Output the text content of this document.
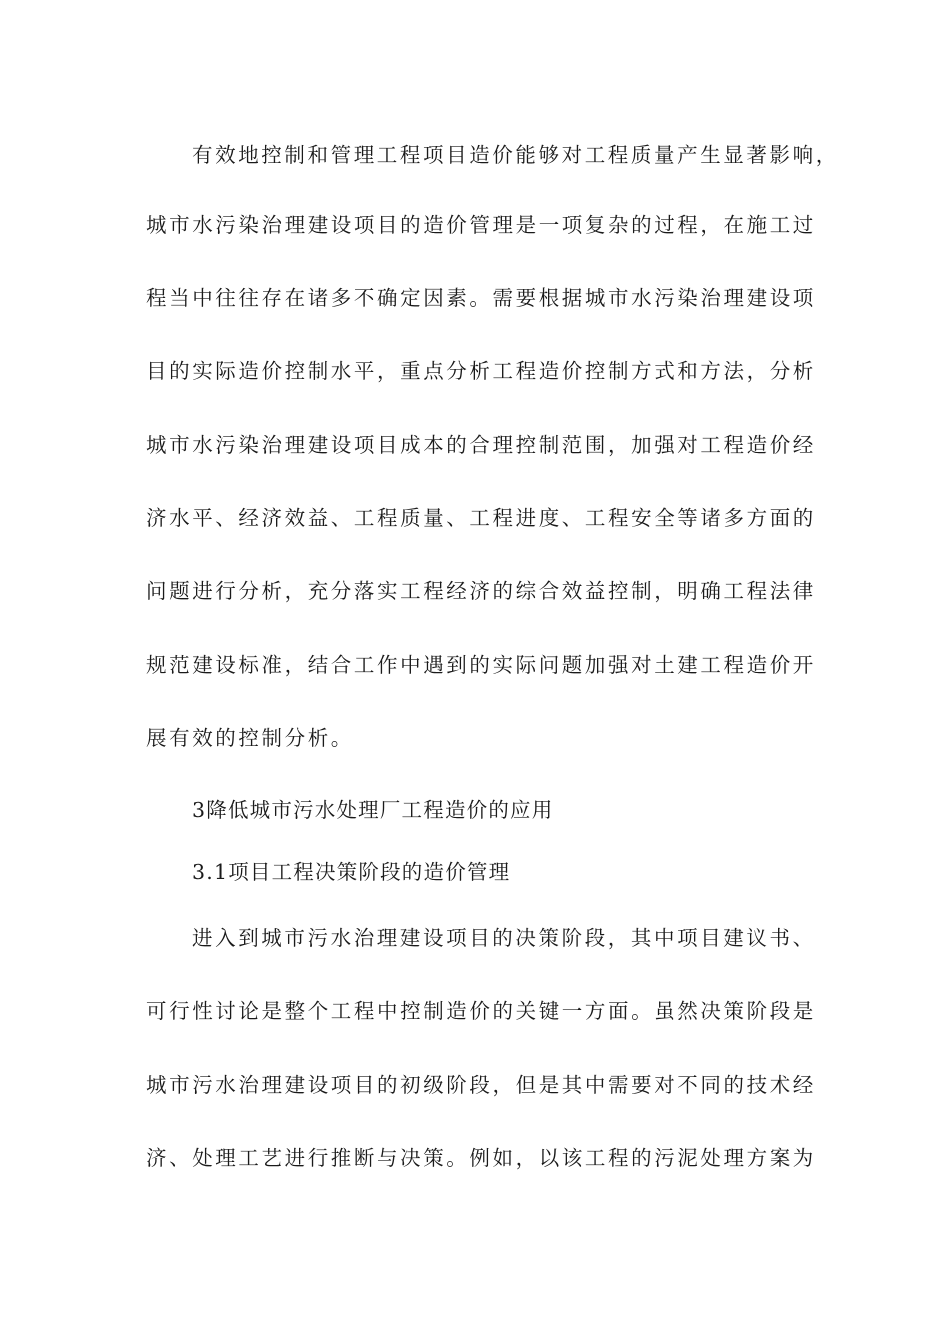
有效地控制和管理工程项目造价能够对工程质量产生显著影响，
城市水污染治理建设项目的造价管理是一项复杂的过程，在施工过
程当中往往存在诸多不确定因素。需要根据城市水污染治理建设项
目的实际造价控制水平，重点分析工程造价控制方式和方法，分析
城市水污染治理建设项目成本的合理控制范围，加强对工程造价经
济水平、经济效益、工程质量、工程进度、工程安全等诸多方面的
问题进行分析，充分落实工程经济的综合效益控制，明确工程法律
规范建设标准，结合工作中遇到的实际问题加强对土建工程造价开
展有效的控制分析。
3降低城市污水处理厂工程造价的应用
3.1项目工程决策阶段的造价管理
进入到城市污水治理建设项目的决策阶段，其中项目建议书、
可行性讨论是整个工程中控制造价的关键一方面。虽然决策阶段是
城市污水治理建设项目的初级阶段，但是其中需要对不同的技术经
济、处理工艺进行推断与决策。例如，以该工程的污泥处理方案为
